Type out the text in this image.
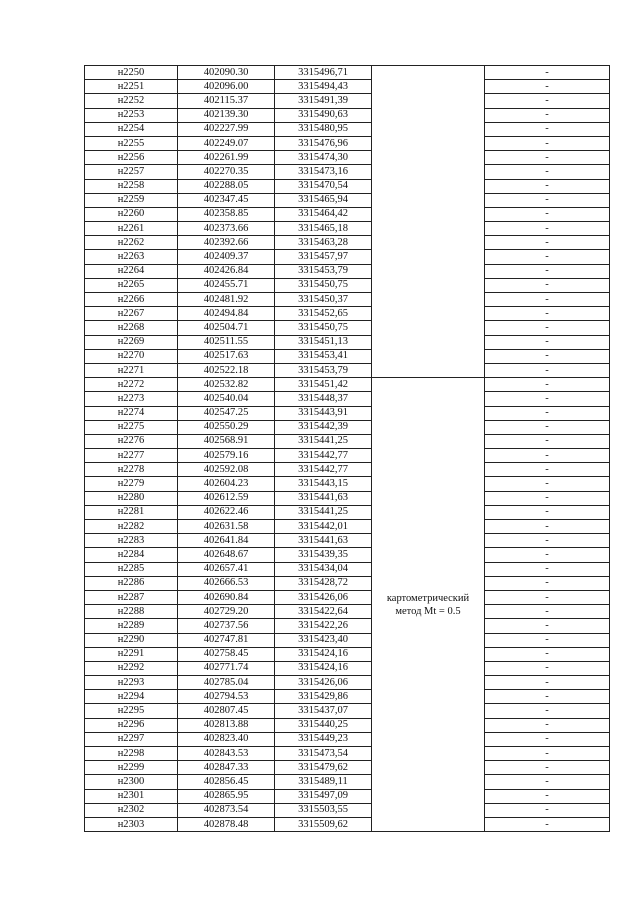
н2250	402090.30	3315496,71		-
н2251	402096.00	3315494,43		-
н2252	402115.37	3315491,39		-
н2253	402139.30	3315490,63		-
н2254	402227.99	3315480,95		-
н2255	402249.07	3315476,96		-
н2256	402261.99	3315474,30		-
н2257	402270.35	3315473,16		-
н2258	402288.05	3315470,54		-
н2259	402347.45	3315465,94		-
н2260	402358.85	3315464,42		-
н2261	402373.66	3315465,18		-
н2262	402392.66	3315463,28		-
н2263	402409.37	3315457,97		-
н2264	402426.84	3315453,79		-
н2265	402455.71	3315450,75		-
н2266	402481.92	3315450,37		-
н2267	402494.84	3315452,65		-
н2268	402504.71	3315450,75		-
н2269	402511.55	3315451,13		-
н2270	402517.63	3315453,41		-
н2271	402522.18	3315453,79		-
н2272	402532.82	3315451,42	картометрический
метод Mt = 0.5	-
н2273	402540.04	3315448,37		-
н2274	402547.25	3315443,91		-
н2275	402550.29	3315442,39		-
н2276	402568.91	3315441,25		-
н2277	402579.16	3315442,77		-
н2278	402592.08	3315442,77		-
н2279	402604.23	3315443,15		-
н2280	402612.59	3315441,63		-
н2281	402622.46	3315441,25		-
н2282	402631.58	3315442,01		-
н2283	402641.84	3315441,63		-
н2284	402648.67	3315439,35		-
н2285	402657.41	3315434,04		-
н2286	402666.53	3315428,72		-
н2287	402690.84	3315426,06		-
н2288	402729.20	3315422,64		-
н2289	402737.56	3315422,26		-
н2290	402747.81	3315423,40		-
н2291	402758.45	3315424,16		-
н2292	402771.74	3315424,16		-
н2293	402785.04	3315426,06		-
н2294	402794.53	3315429,86		-
н2295	402807.45	3315437,07		-
н2296	402813.88	3315440,25		-
н2297	402823.40	3315449,23		-
н2298	402843.53	3315473,54		-
н2299	402847.33	3315479,62		-
н2300	402856.45	3315489,11		-
н2301	402865.95	3315497,09		-
н2302	402873.54	3315503,55		-
н2303	402878.48	3315509,62		-
